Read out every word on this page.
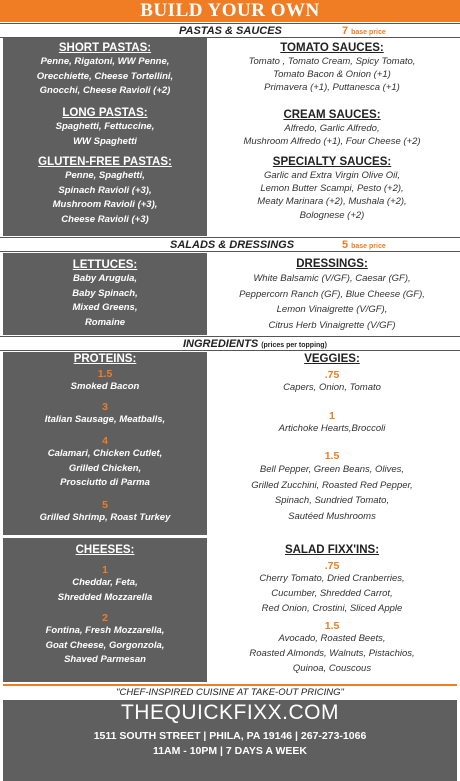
BUILD YOUR OWN
PASTAS & SAUCES	7 base price
SHORT PASTAS:
Penne, Rigatoni, WW Penne,
Orecchiette, Cheese Tortellini,
Gnocchi, Cheese Ravioli (+2)
LONG PASTAS:
Spaghetti, Fettuccine,
WW Spaghetti
GLUTEN-FREE PASTAS:
Penne, Spaghetti,
Spinach Ravioli (+3),
Mushroom Ravioli (+3),
Cheese Ravioli (+3)
TOMATO SAUCES:
Tomato , Tomato Cream, Spicy Tomato,
Tomato Bacon & Onion (+1)
Primavera (+1), Puttanesca (+1)
CREAM SAUCES:
Alfredo, Garlic Alfredo,
Mushroom Alfredo (+1), Four Cheese (+2)
SPECIALTY SAUCES:
Garlic and Extra Virgin Olive Oil,
Lemon Butter Scampi, Pesto (+2),
Meaty Marinara (+2), Mushala (+2),
Bolognese (+2)
SALADS & DRESSINGS	5 base price
LETTUCES:
Baby Arugula,
Baby Spinach,
Mixed Greens,
Romaine
DRESSINGS:
White Balsamic (V/GF), Caesar (GF),
Peppercorn Ranch (GF), Blue Cheese (GF),
Lemon Vinaigrette (V/GF),
Citrus Herb Vinaigrette (V/GF)
INGREDIENTS (prices per topping)
PROTEINS:
1.5
Smoked Bacon
3
Italian Sausage, Meatballs,
4
Calamari, Chicken Cutlet,
Grilled Chicken,
Prosciutto di Parma
5
Grilled Shrimp, Roast Turkey
VEGGIES:
.75
Capers, Onion, Tomato
1
Artichoke Hearts,Broccoli
1.5
Bell Pepper, Green Beans, Olives,
Grilled Zucchini, Roasted Red Pepper,
Spinach, Sundried Tomato,
Sautéed Mushrooms
CHEESES:
1
Cheddar, Feta,
Shredded Mozzarella
2
Fontina, Fresh Mozzarella,
Goat Cheese, Gorgonzola,
Shaved Parmesan
SALAD FIXX'INS:
.75
Cherry Tomato, Dried Cranberries,
Cucumber, Shredded Carrot,
Red Onion, Crostini, Sliced Apple
1.5
Avocado, Roasted Beets,
Roasted Almonds, Walnuts, Pistachios,
Quinoa, Couscous
"CHEF-INSPIRED CUISINE AT TAKE-OUT PRICING"
THEQUICKFIXX.COM
1511 SOUTH STREET | PHILA, PA 19146 | 267-273-1066
11AM - 10PM | 7 DAYS A WEEK
